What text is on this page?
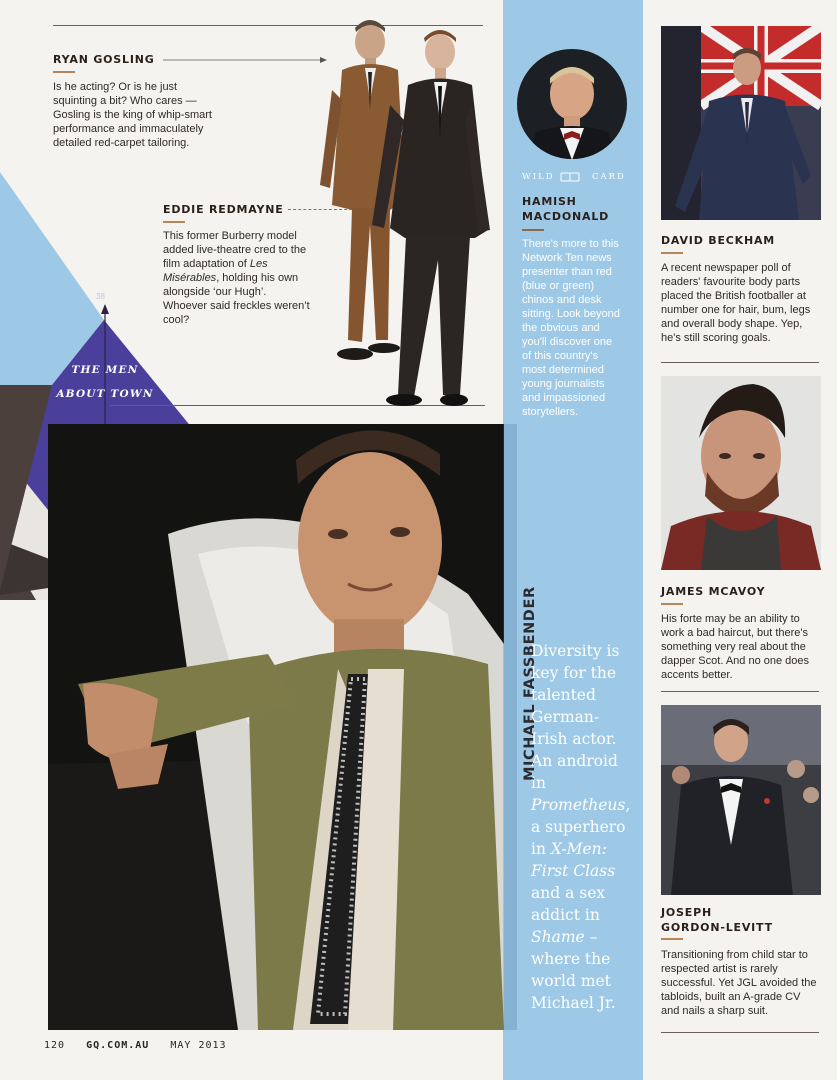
38
THE MEN
ABOUT TOWN
RYAN GOSLING
Is he acting? Or is he just squinting a bit? Who cares — Gosling is the king of whip-smart performance and immaculately detailed red-carpet tailoring.
EDDIE REDMAYNE
This former Burberry model added live-theatre cred to the film adaptation of Les Misérables, holding his own alongside ‘our Hugh’. Whoever said freckles weren’t cool?
WILD	CARD
HAMISH
MACDONALD
There's more to this Network Ten news presenter than red (blue or green) chinos and desk sitting. Look beyond the obvious and you'll discover one of this country's most determined young journalists and impassioned storytellers.
MICHAEL FASSBENDER
Diversity is key for the talented German-Irish actor. An android in Prometheus, a superhero in X-Men: First Class and a sex addict in Shame – where the world met Michael Jr.
DAVID BECKHAM
A recent newspaper poll of readers' favourite body parts placed the British footballer at number one for hair, bum, legs and overall body shape. Yep, he's still scoring goals.
JAMES MCAVOY
His forte may be an ability to work a bad haircut, but there's something very real about the dapper Scot. And no one does accents better.
JOSEPH
GORDON-LEVITT
Transitioning from child star to respected artist is rarely successful. Yet JGL avoided the tabloids, built an A-grade CV and nails a sharp suit.
120 GQ.COM.AU MAY 2013
